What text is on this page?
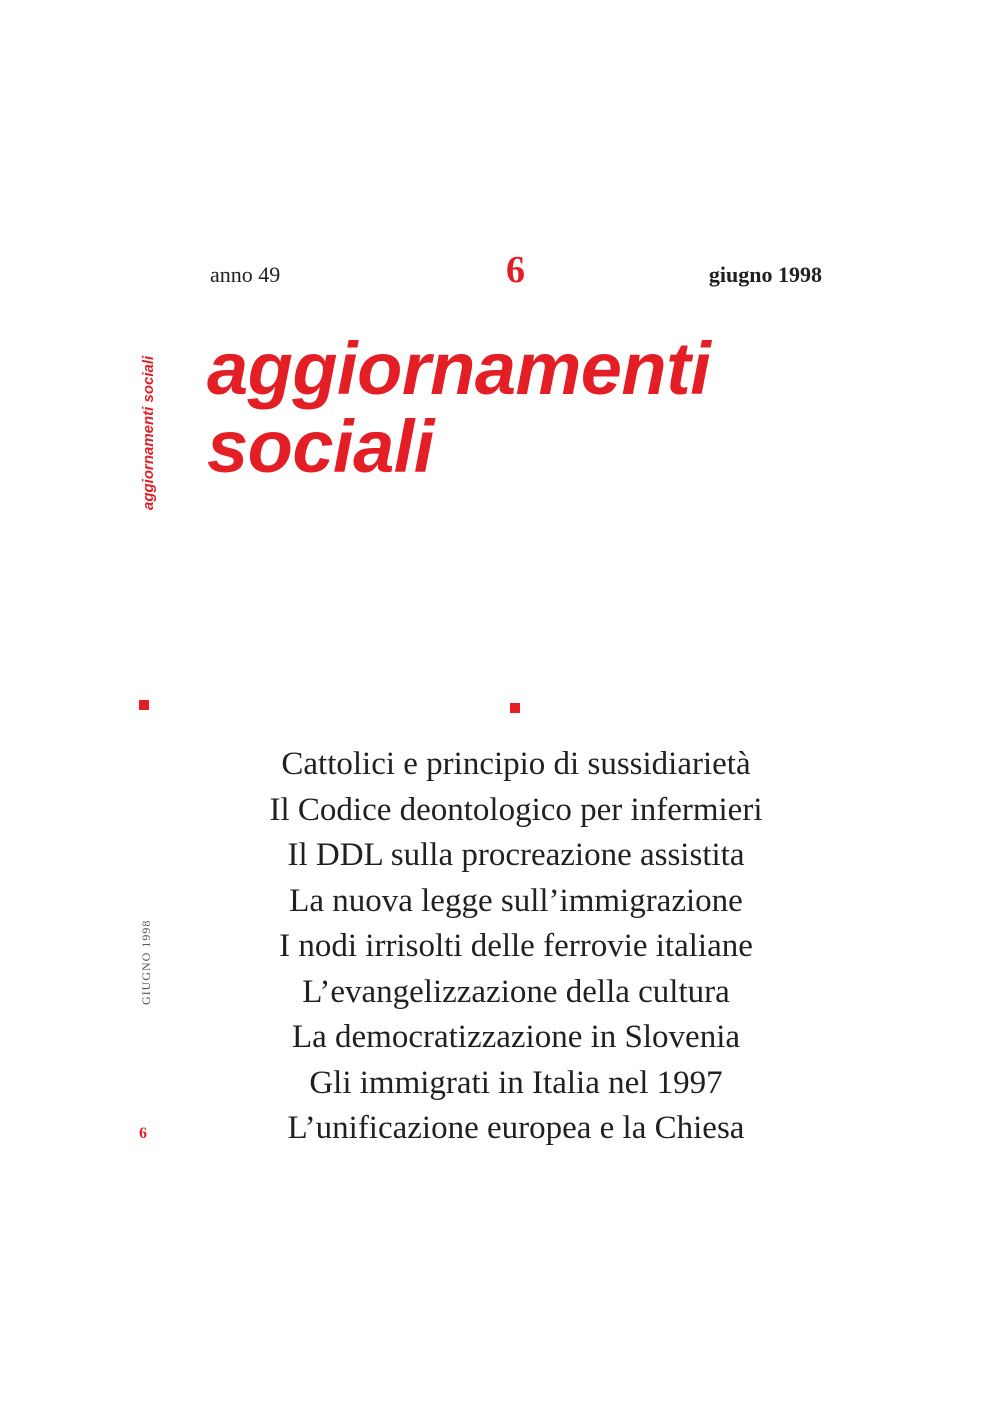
aggiornamenti sociali
anno 49	6	giugno 1998
aggiornamenti
sociali
Cattolici e principio di sussidiarietà
Il Codice deontologico per infermieri
Il DDL sulla procreazione assistita
La nuova legge sull’immigrazione
I nodi irrisolti delle ferrovie italiane
L’evangelizzazione della cultura
La democratizzazione in Slovenia
Gli immigrati in Italia nel 1997
L’unificazione europea e la Chiesa
GIUGNO 1998
6
